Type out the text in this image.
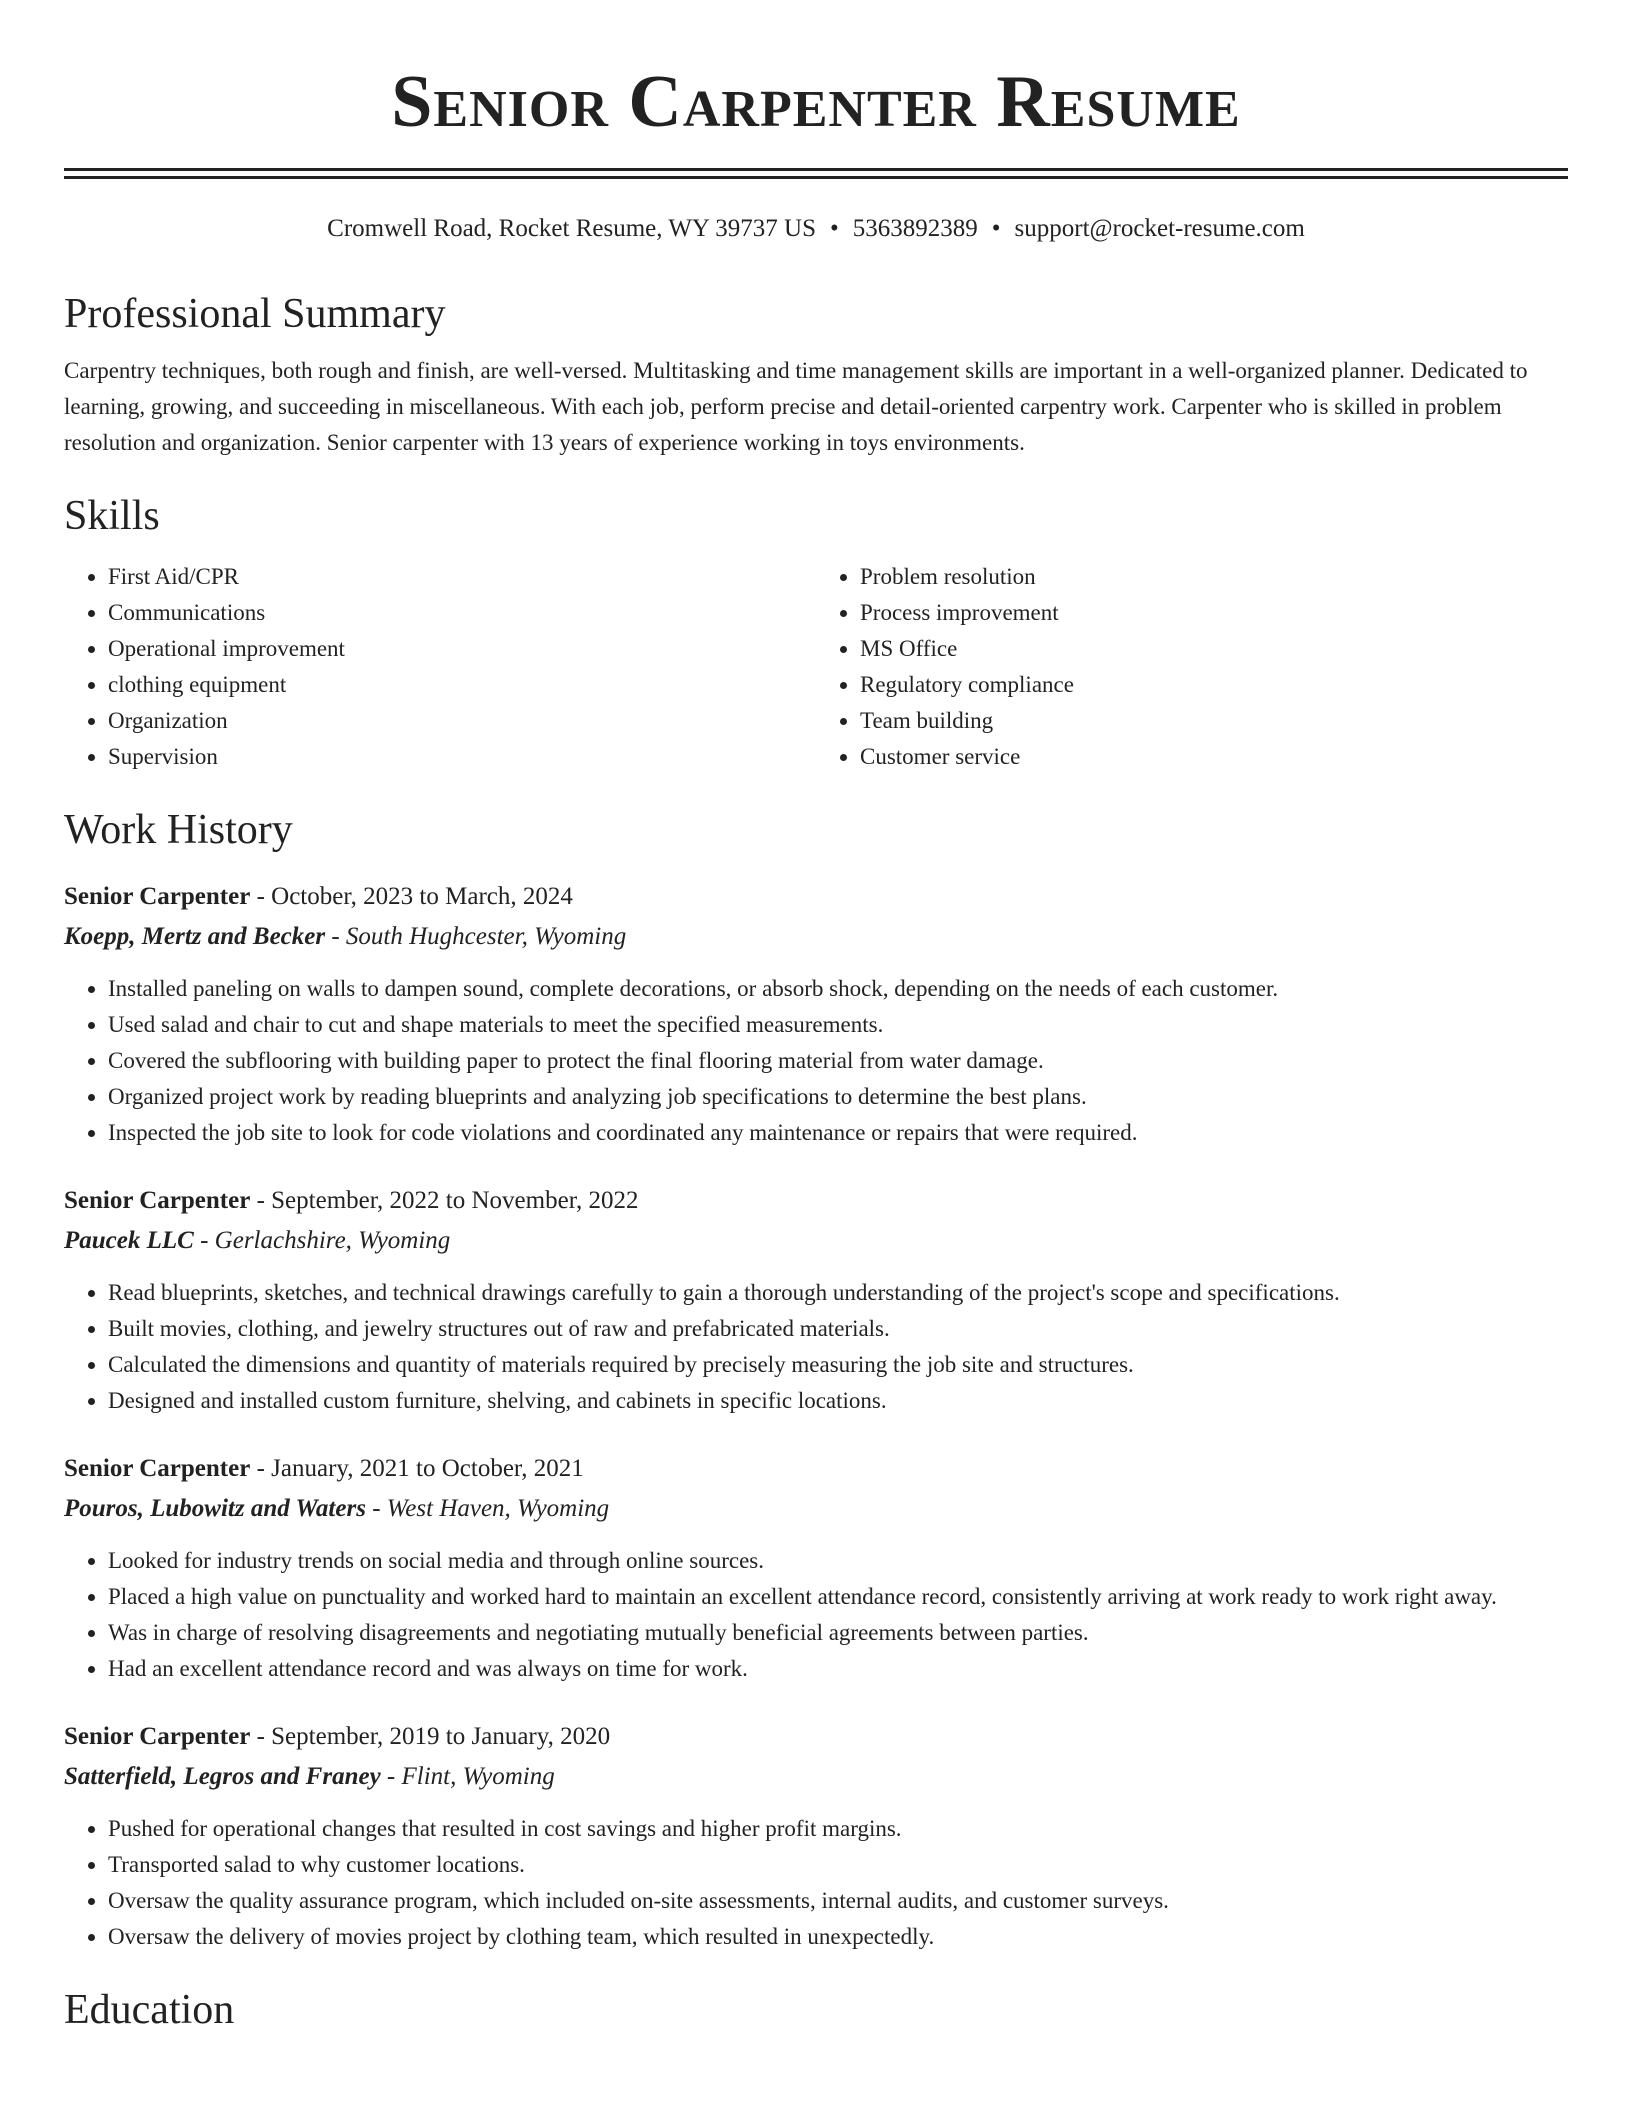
Senior Carpenter Resume
Cromwell Road, Rocket Resume, WY 39737 US • 5363892389 • support@rocket-resume.com
Professional Summary
Carpentry techniques, both rough and finish, are well-versed. Multitasking and time management skills are important in a well-organized planner. Dedicated to learning, growing, and succeeding in miscellaneous. With each job, perform precise and detail-oriented carpentry work. Carpenter who is skilled in problem resolution and organization. Senior carpenter with 13 years of experience working in toys environments.
Skills
• First Aid/CPR
• Communications
• Operational improvement
• clothing equipment
• Organization
• Supervision
• Problem resolution
• Process improvement
• MS Office
• Regulatory compliance
• Team building
• Customer service
Work History
Senior Carpenter - October, 2023 to March, 2024
Koepp, Mertz and Becker - South Hughcester, Wyoming
• Installed paneling on walls to dampen sound, complete decorations, or absorb shock, depending on the needs of each customer.
• Used salad and chair to cut and shape materials to meet the specified measurements.
• Covered the subflooring with building paper to protect the final flooring material from water damage.
• Organized project work by reading blueprints and analyzing job specifications to determine the best plans.
• Inspected the job site to look for code violations and coordinated any maintenance or repairs that were required.
Senior Carpenter - September, 2022 to November, 2022
Paucek LLC - Gerlachshire, Wyoming
• Read blueprints, sketches, and technical drawings carefully to gain a thorough understanding of the project's scope and specifications.
• Built movies, clothing, and jewelry structures out of raw and prefabricated materials.
• Calculated the dimensions and quantity of materials required by precisely measuring the job site and structures.
• Designed and installed custom furniture, shelving, and cabinets in specific locations.
Senior Carpenter - January, 2021 to October, 2021
Pouros, Lubowitz and Waters - West Haven, Wyoming
• Looked for industry trends on social media and through online sources.
• Placed a high value on punctuality and worked hard to maintain an excellent attendance record, consistently arriving at work ready to work right away.
• Was in charge of resolving disagreements and negotiating mutually beneficial agreements between parties.
• Had an excellent attendance record and was always on time for work.
Senior Carpenter - September, 2019 to January, 2020
Satterfield, Legros and Franey - Flint, Wyoming
• Pushed for operational changes that resulted in cost savings and higher profit margins.
• Transported salad to why customer locations.
• Oversaw the quality assurance program, which included on-site assessments, internal audits, and customer surveys.
• Oversaw the delivery of movies project by clothing team, which resulted in unexpectedly.
Education
